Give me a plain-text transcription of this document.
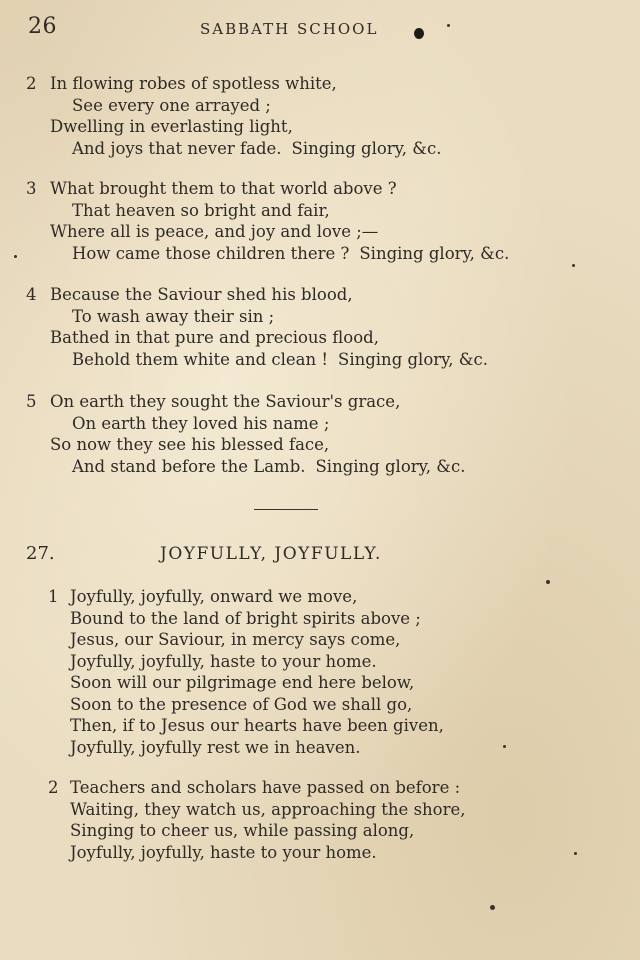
26	SABBATH SCHOOL
2 In flowing robes of spotless white,
See every one arrayed ;
Dwelling in everlasting light,
And joys that never fade. Singing glory, &c.
3 What brought them to that world above ?
That heaven so bright and fair,
Where all is peace, and joy and love ;—
How came those children there ? Singing glory, &c.
4 Because the Saviour shed his blood,
To wash away their sin ;
Bathed in that pure and precious flood,
Behold them white and clean ! Singing glory, &c.
5 On earth they sought the Saviour's grace,
On earth they loved his name ;
So now they see his blessed face,
And stand before the Lamb. Singing glory, &c.
27.	JOYFULLY, JOYFULLY.
1 Joyfully, joyfully, onward we move,
Bound to the land of bright spirits above ;
Jesus, our Saviour, in mercy says come,
Joyfully, joyfully, haste to your home.
Soon will our pilgrimage end here below,
Soon to the presence of God we shall go,
Then, if to Jesus our hearts have been given,
Joyfully, joyfully rest we in heaven.
2 Teachers and scholars have passed on before :
Waiting, they watch us, approaching the shore,
Singing to cheer us, while passing along,
Joyfully, joyfully, haste to your home.
